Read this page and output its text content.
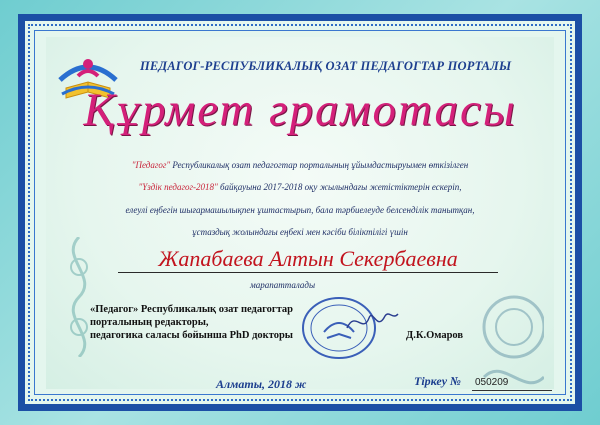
ПЕДАГОГ-РЕСПУБЛИКАЛЫҚ ОЗАТ ПЕДАГОГТАР ПОРТАЛЫ
Құрмет грамотасы
"Педагог" Республикалық озат педагогтар порталының ұйымдастыруымен өткізілген
"Үздік педагог-2018" байқауына 2017-2018 оқу жылындағы жетістіктерін ескеріп,
елеулі еңбегін шығармашылықпен ұштастырып, бала тәрбиелеуде белсенділік танытқан,
ұстаздық жолындағы еңбекі мен кәсіби біліктілігі үшін
Жапабаева Алтын Секербаевна
марапатталады
«Педагог» Республикалық озат педагогтар
порталының редакторы,
педагогика саласы бойынша PhD докторы	Д.К.Омаров
Алматы, 2018 ж	Тіркеу № 050209
